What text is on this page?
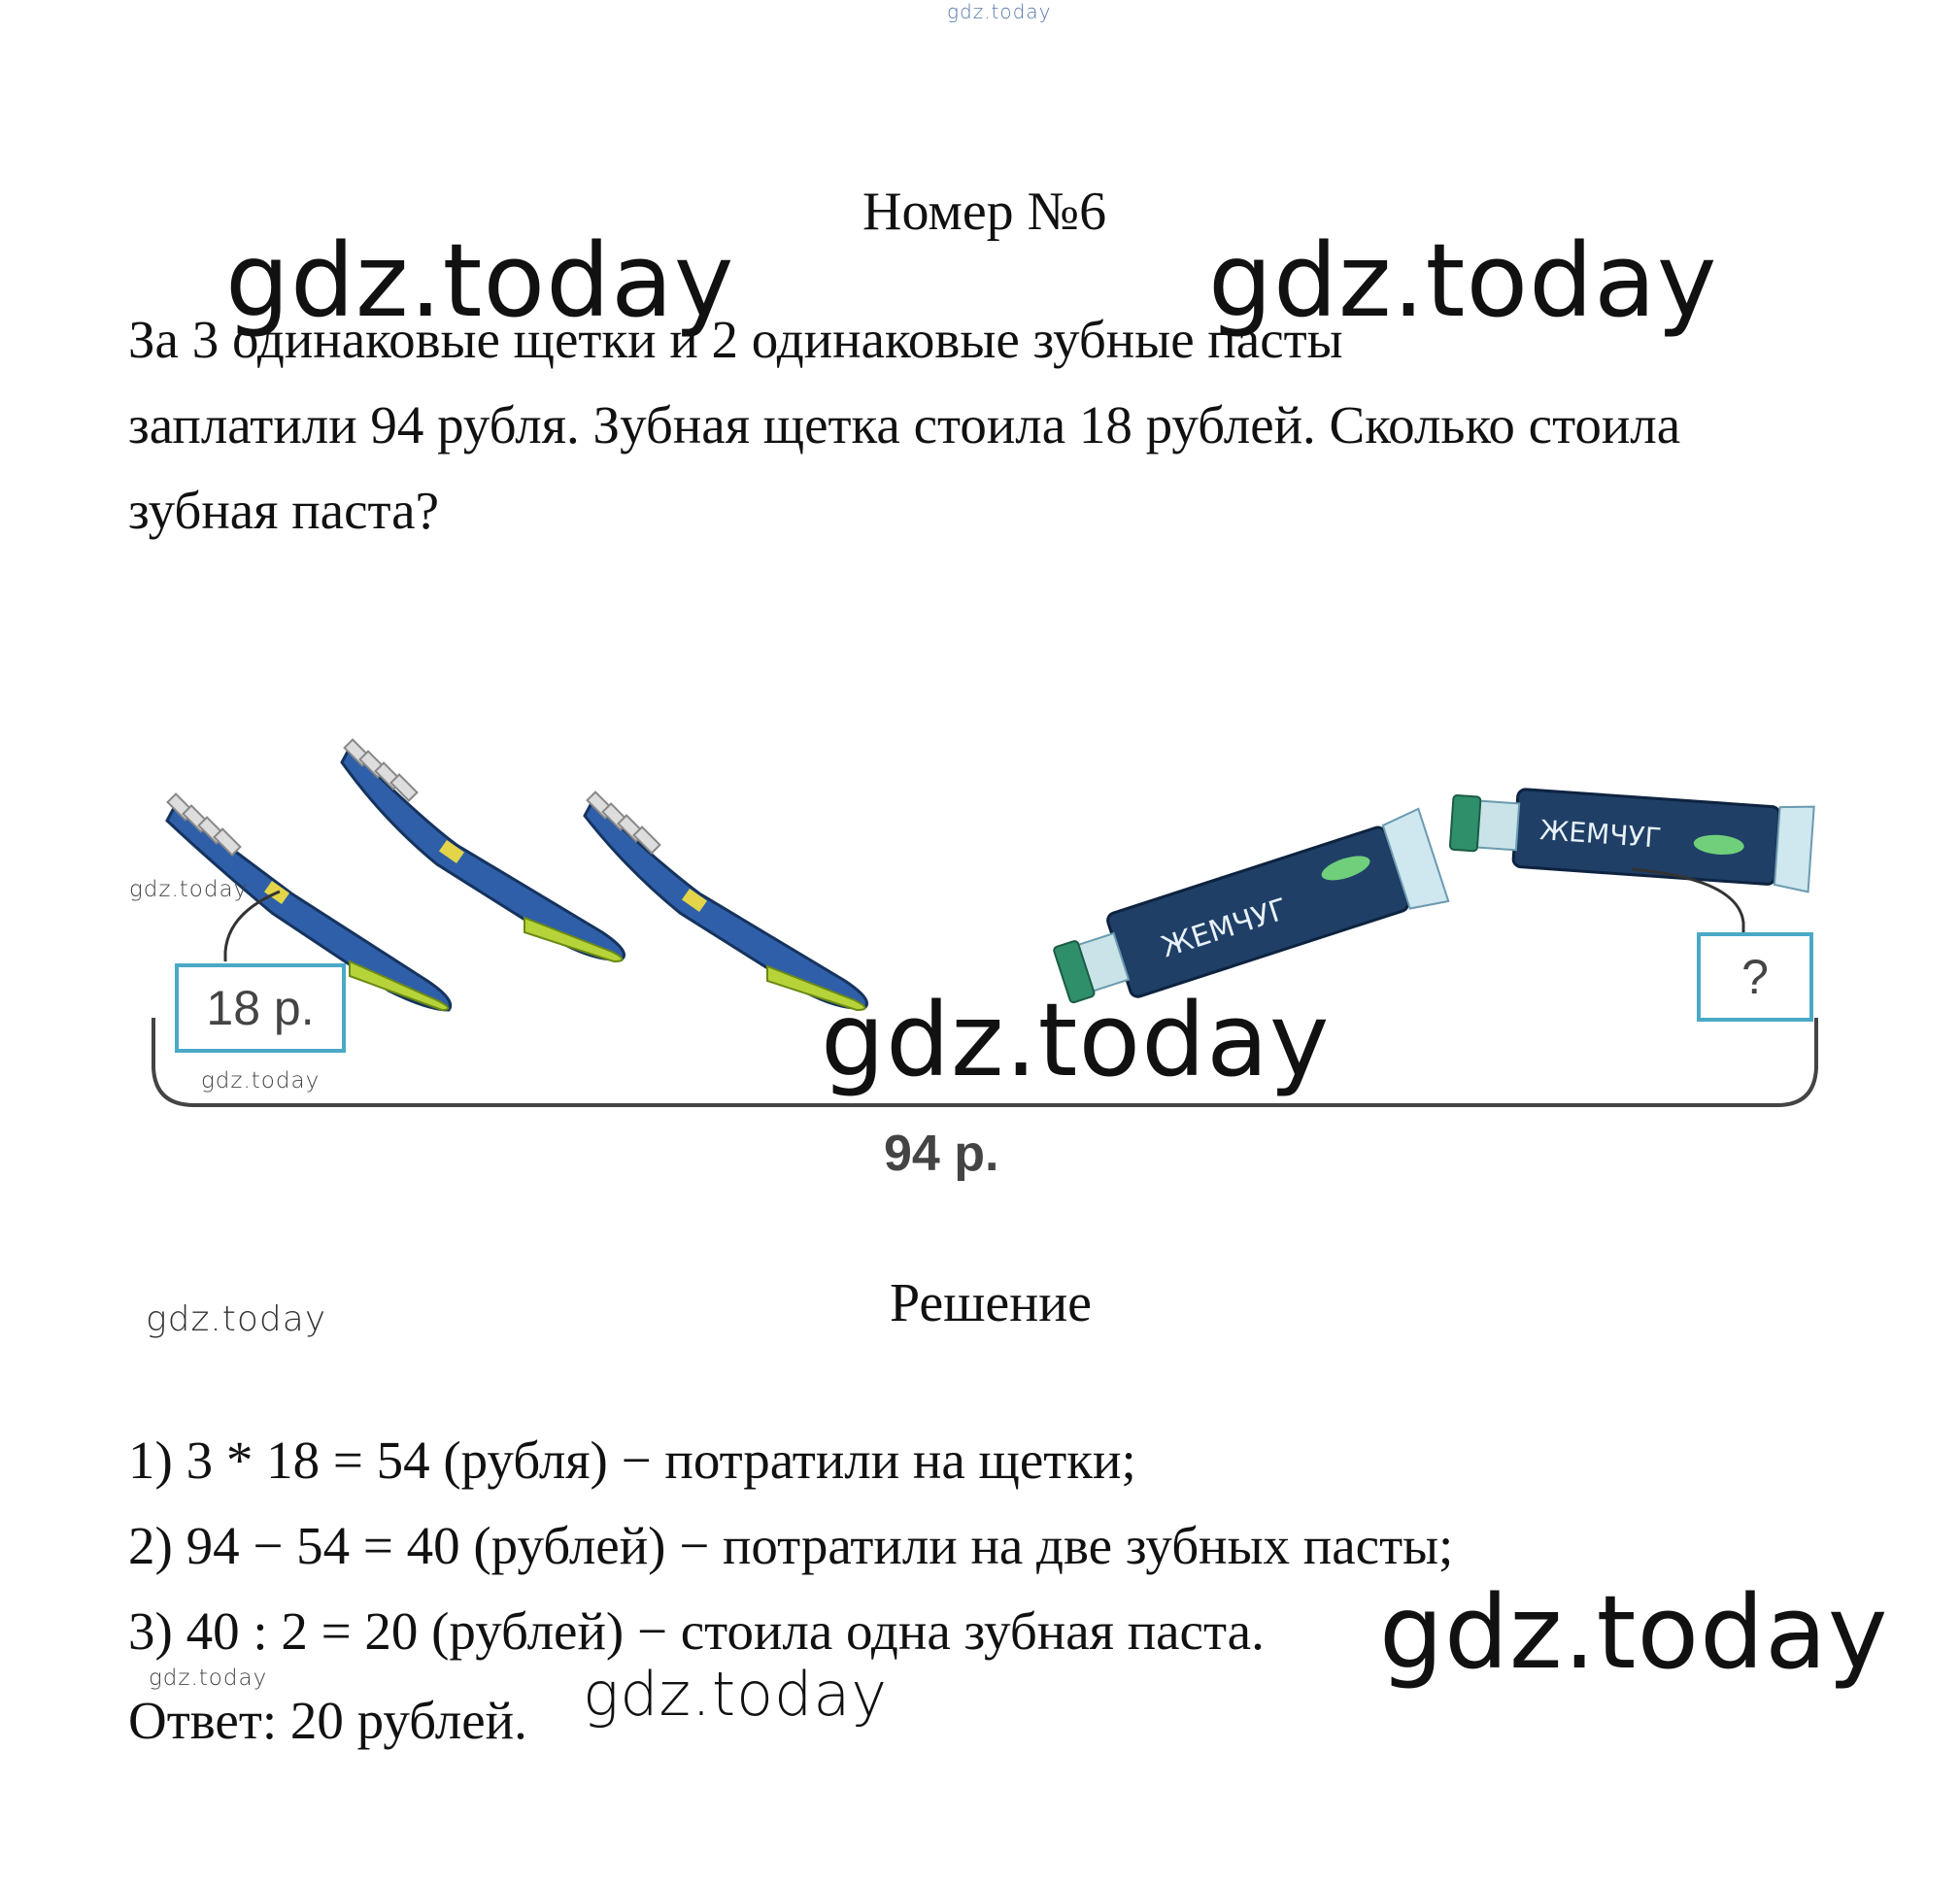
gdz.today
Номер №6
gdz.today	gdz.today
За 3 одинаковые щетки и 2 одинаковые зубные пасты
заплатили 94 рубля. Зубная щетка стоила 18 рублей. Сколько стоила
зубная паста?
ЖЕМЧУГ
ЖЕМЧУГ
18 р.
?
94 р.
gdz.today
gdz.today	gdz.today
Решение
gdz.today
1) 3 * 18 = 54 (рубля) − потратили на щетки;
2) 94 − 54 = 40 (рублей) − потратили на две зубных пасты;
3) 40 : 2 = 20 (рублей) − стоила одна зубная паста. gdz.today
gdz.today
Ответ: 20 рублей. gdz.today
